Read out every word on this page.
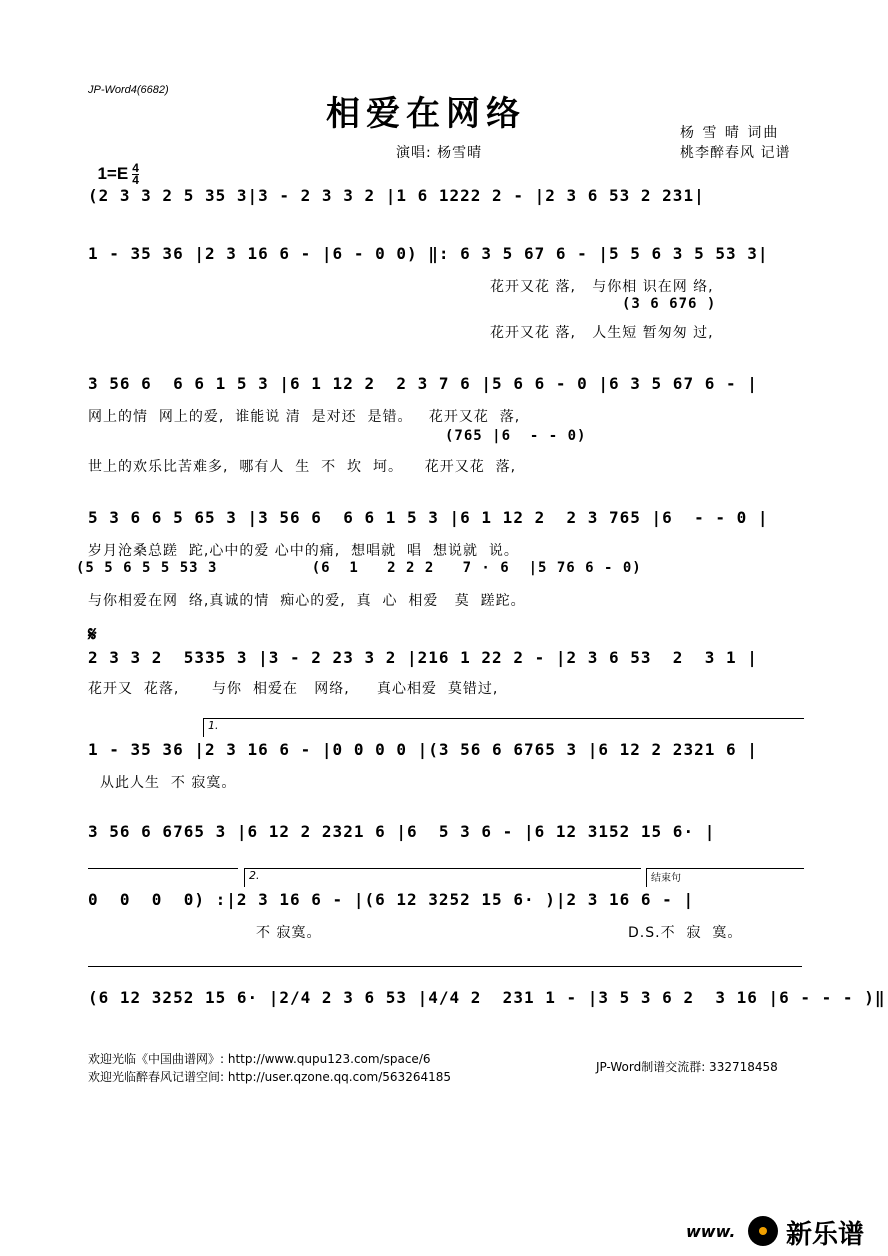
JP-Word4(6682)
相爱在网络	杨 雪 晴 词曲
桃李醉春风 记谱
演唱: 杨雪晴

$1=E \frac{4}{4}$

(2 3 3 2 5 35 3|3 - 2 3 3 2 |1 6 1222 2 - |2 3 6 53 2 231|
1 - 35 36 |2 3 16 6 - |6 - 0 0) ‖: 6 3 5 67 6 - |5 5 6 3 5 53 3|
花开又花 落,   与你相 识在网 络,
(3 6 676 )
花开又花 落,   人生短 暂匆匆 过,
3 56 6  6 6 1 5 3 |6 1 12 2  2 3 7 6 |5 6 6 - 0 |6 3 5 67 6 - |
网上的情  网上的爱,  谁能说 清  是对还  是错。   花开又花  落,
(765 |6  - - 0)
世上的欢乐比苦难多,  哪有人  生  不  坎  坷。    花开又花  落,
5 3 6 6 5 65 3 |3 56 6  6 6 1 5 3 |6 1 12 2  2 3 765 |6  - - 0 |
岁月沧桑总蹉  跎,心中的爱 心中的痛,  想唱就  唱  想说就  说。
(5 5 6 5 5 53 3          (6  1   2 2 2   7 · 6  |5 76 6 - 0)
与你相爱在网  络,真诚的情  痴心的爱,  真  心  相爱   莫  蹉跎。
𝄋
2 3 3 2  5335 3 |3 - 2 23 3 2 |216 1 22 2 - |2 3 6 53  2  3 1 |
花开又  花落,      与你  相爱在   网络,     真心相爱  莫错过,
1.
1 - 35 36 |2 3 16 6 - |0 0 0 0 |(3 56 6 6765 3 |6 12 2 2321 6 |
从此人生  不 寂寞。
3 56 6 6765 3 |6 12 2 2321 6 |6  5 3 6 - |6 12 3152 15 6· |
2.	结束句
0  0  0  0) :|2 3 16 6 - |(6 12 3252 15 6· )|2 3 16 6 - |
不 寂寞。	D.S.不  寂  寞。
(6 12 3252 15 6· |2/4 2 3 6 53 |4/4 2  231 1 - |3 5 3 6 2  3 16 |6 - - - )‖
欢迎光临《中国曲谱网》: http://www.qupu123.com/space/6
欢迎光临醉春风记谱空间: http://user.qzone.qq.com/563264185
JP-Word制谱交流群: 332718458
www.

新乐谱
